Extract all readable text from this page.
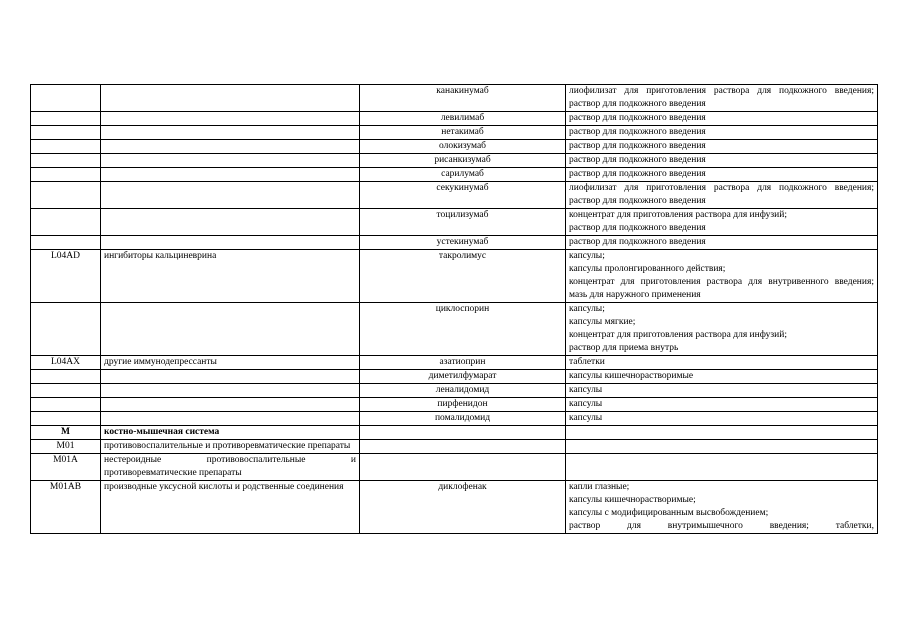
		канакинумаб	лиофилизат для приготовления раствора для подкожного введения;
раствор для подкожного введения

		левилимаб	раствор для подкожного введения

		нетакимаб	раствор для подкожного введения

		олокизумаб	раствор для подкожного введения

		рисанкизумаб	раствор для подкожного введения

		сарилумаб	раствор для подкожного введения

		секукинумаб	лиофилизат для приготовления раствора для подкожного введения;
раствор для подкожного введения

		тоцилизумаб	концентрат для приготовления раствора для инфузий;
раствор для подкожного введения

		устекинумаб	раствор для подкожного введения

L04AD	ингибиторы кальциневрина	такролимус	капсулы;
капсулы пролонгированного действия;
концентрат для приготовления раствора для внутривенного введения;
мазь для наружного применения

		циклоспорин	капсулы;
капсулы мягкие;
концентрат для приготовления раствора для инфузий;
раствор для приема внутрь

L04AX	другие иммунодепрессанты	азатиоприн	таблетки

		диметилфумарат	капсулы кишечнорастворимые

		леналидомид	капсулы

		пирфенидон	капсулы

		помалидомид	капсулы

M	костно-мышечная система		

M01	противовоспалительные и противоревматические препараты		

M01A	нестероидные противовоспалительные и противоревматические препараты		

M01AB	производные уксусной кислоты и родственные соединения	диклофенак	капли глазные;
капсулы кишечнорастворимые;
капсулы с модифицированным высвобождением;
раствор для внутримышечного введения; таблетки,
